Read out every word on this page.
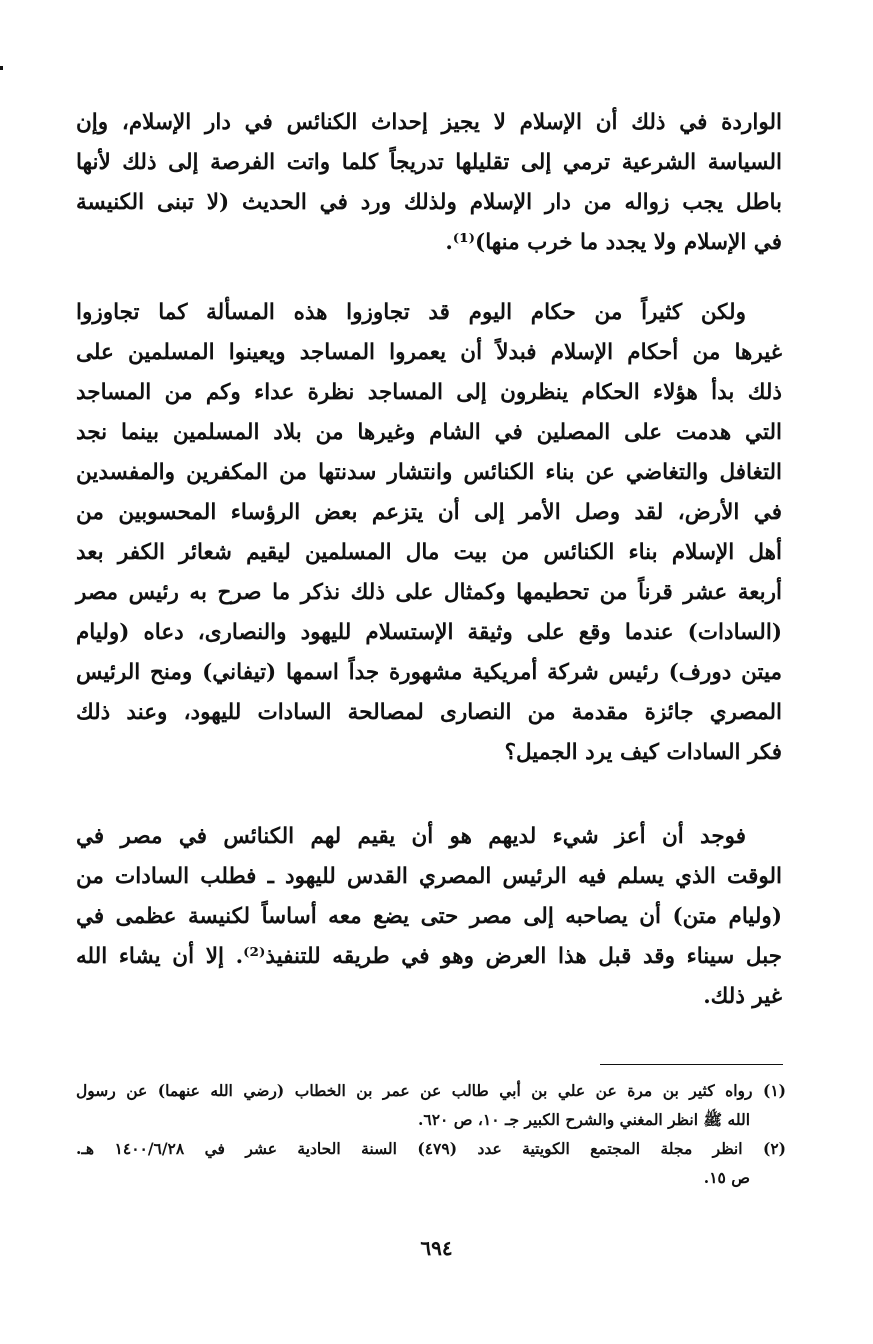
الواردة في ذلك أن الإسلام لا يجيز إحداث الكنائس في دار الإسلام، وإن
السياسة الشرعية ترمي إلى تقليلها تدريجاً كلما واتت الفرصة إلى ذلك لأنها
باطل يجب زواله من دار الإسلام ولذلك ورد في الحديث (لا تبنى الكنيسة
في الإسلام ولا يجدد ما خرب منها)⁽¹⁾.
ولكن كثيراً من حكام اليوم قد تجاوزوا هذه المسألة كما تجاوزوا
غيرها من أحكام الإسلام فبدلاً أن يعمروا المساجد ويعينوا المسلمين على
ذلك بدأ هؤلاء الحكام ينظرون إلى المساجد نظرة عداء وكم من المساجد
التي هدمت على المصلين في الشام وغيرها من بلاد المسلمين بينما نجد
التغافل والتغاضي عن بناء الكنائس وانتشار سدنتها من المكفرين والمفسدين
في الأرض، لقد وصل الأمر إلى أن يتزعم بعض الرؤساء المحسوبين من
أهل الإسلام بناء الكنائس من بيت مال المسلمين ليقيم شعائر الكفر بعد
أربعة عشر قرناً من تحطيمها وكمثال على ذلك نذكر ما صرح به رئيس مصر
(السادات) عندما وقع على وثيقة الإستسلام لليهود والنصارى، دعاه (وليام
ميتن دورف) رئيس شركة أمريكية مشهورة جداً اسمها (تيفاني) ومنح الرئيس
المصري جائزة مقدمة من النصارى لمصالحة السادات لليهود، وعند ذلك
فكر السادات كيف يرد الجميل؟
فوجد أن أعز شيء لديهم هو أن يقيم لهم الكنائس في مصر في
الوقت الذي يسلم فيه الرئيس المصري القدس لليهود ـ فطلب السادات من
(وليام متن) أن يصاحبه إلى مصر حتى يضع معه أساساً لكنيسة عظمى في
جبل سيناء وقد قبل هذا العرض وهو في طريقه للتنفيذ⁽²⁾. إلا أن يشاء الله
غير ذلك.
(١) رواه كثير بن مرة عن علي بن أبي طالب عن عمر بن الخطاب (رضي الله عنهما) عن رسول
الله ﷺ انظر المغني والشرح الكبير جـ ١٠، ص ٦٢٠.
(٢) انظر مجلة المجتمع الكويتية عدد (٤٧٩) السنة الحادية عشر في ١٤٠٠/٦/٢٨ هـ.
ص ١٥.
٦٩٤
